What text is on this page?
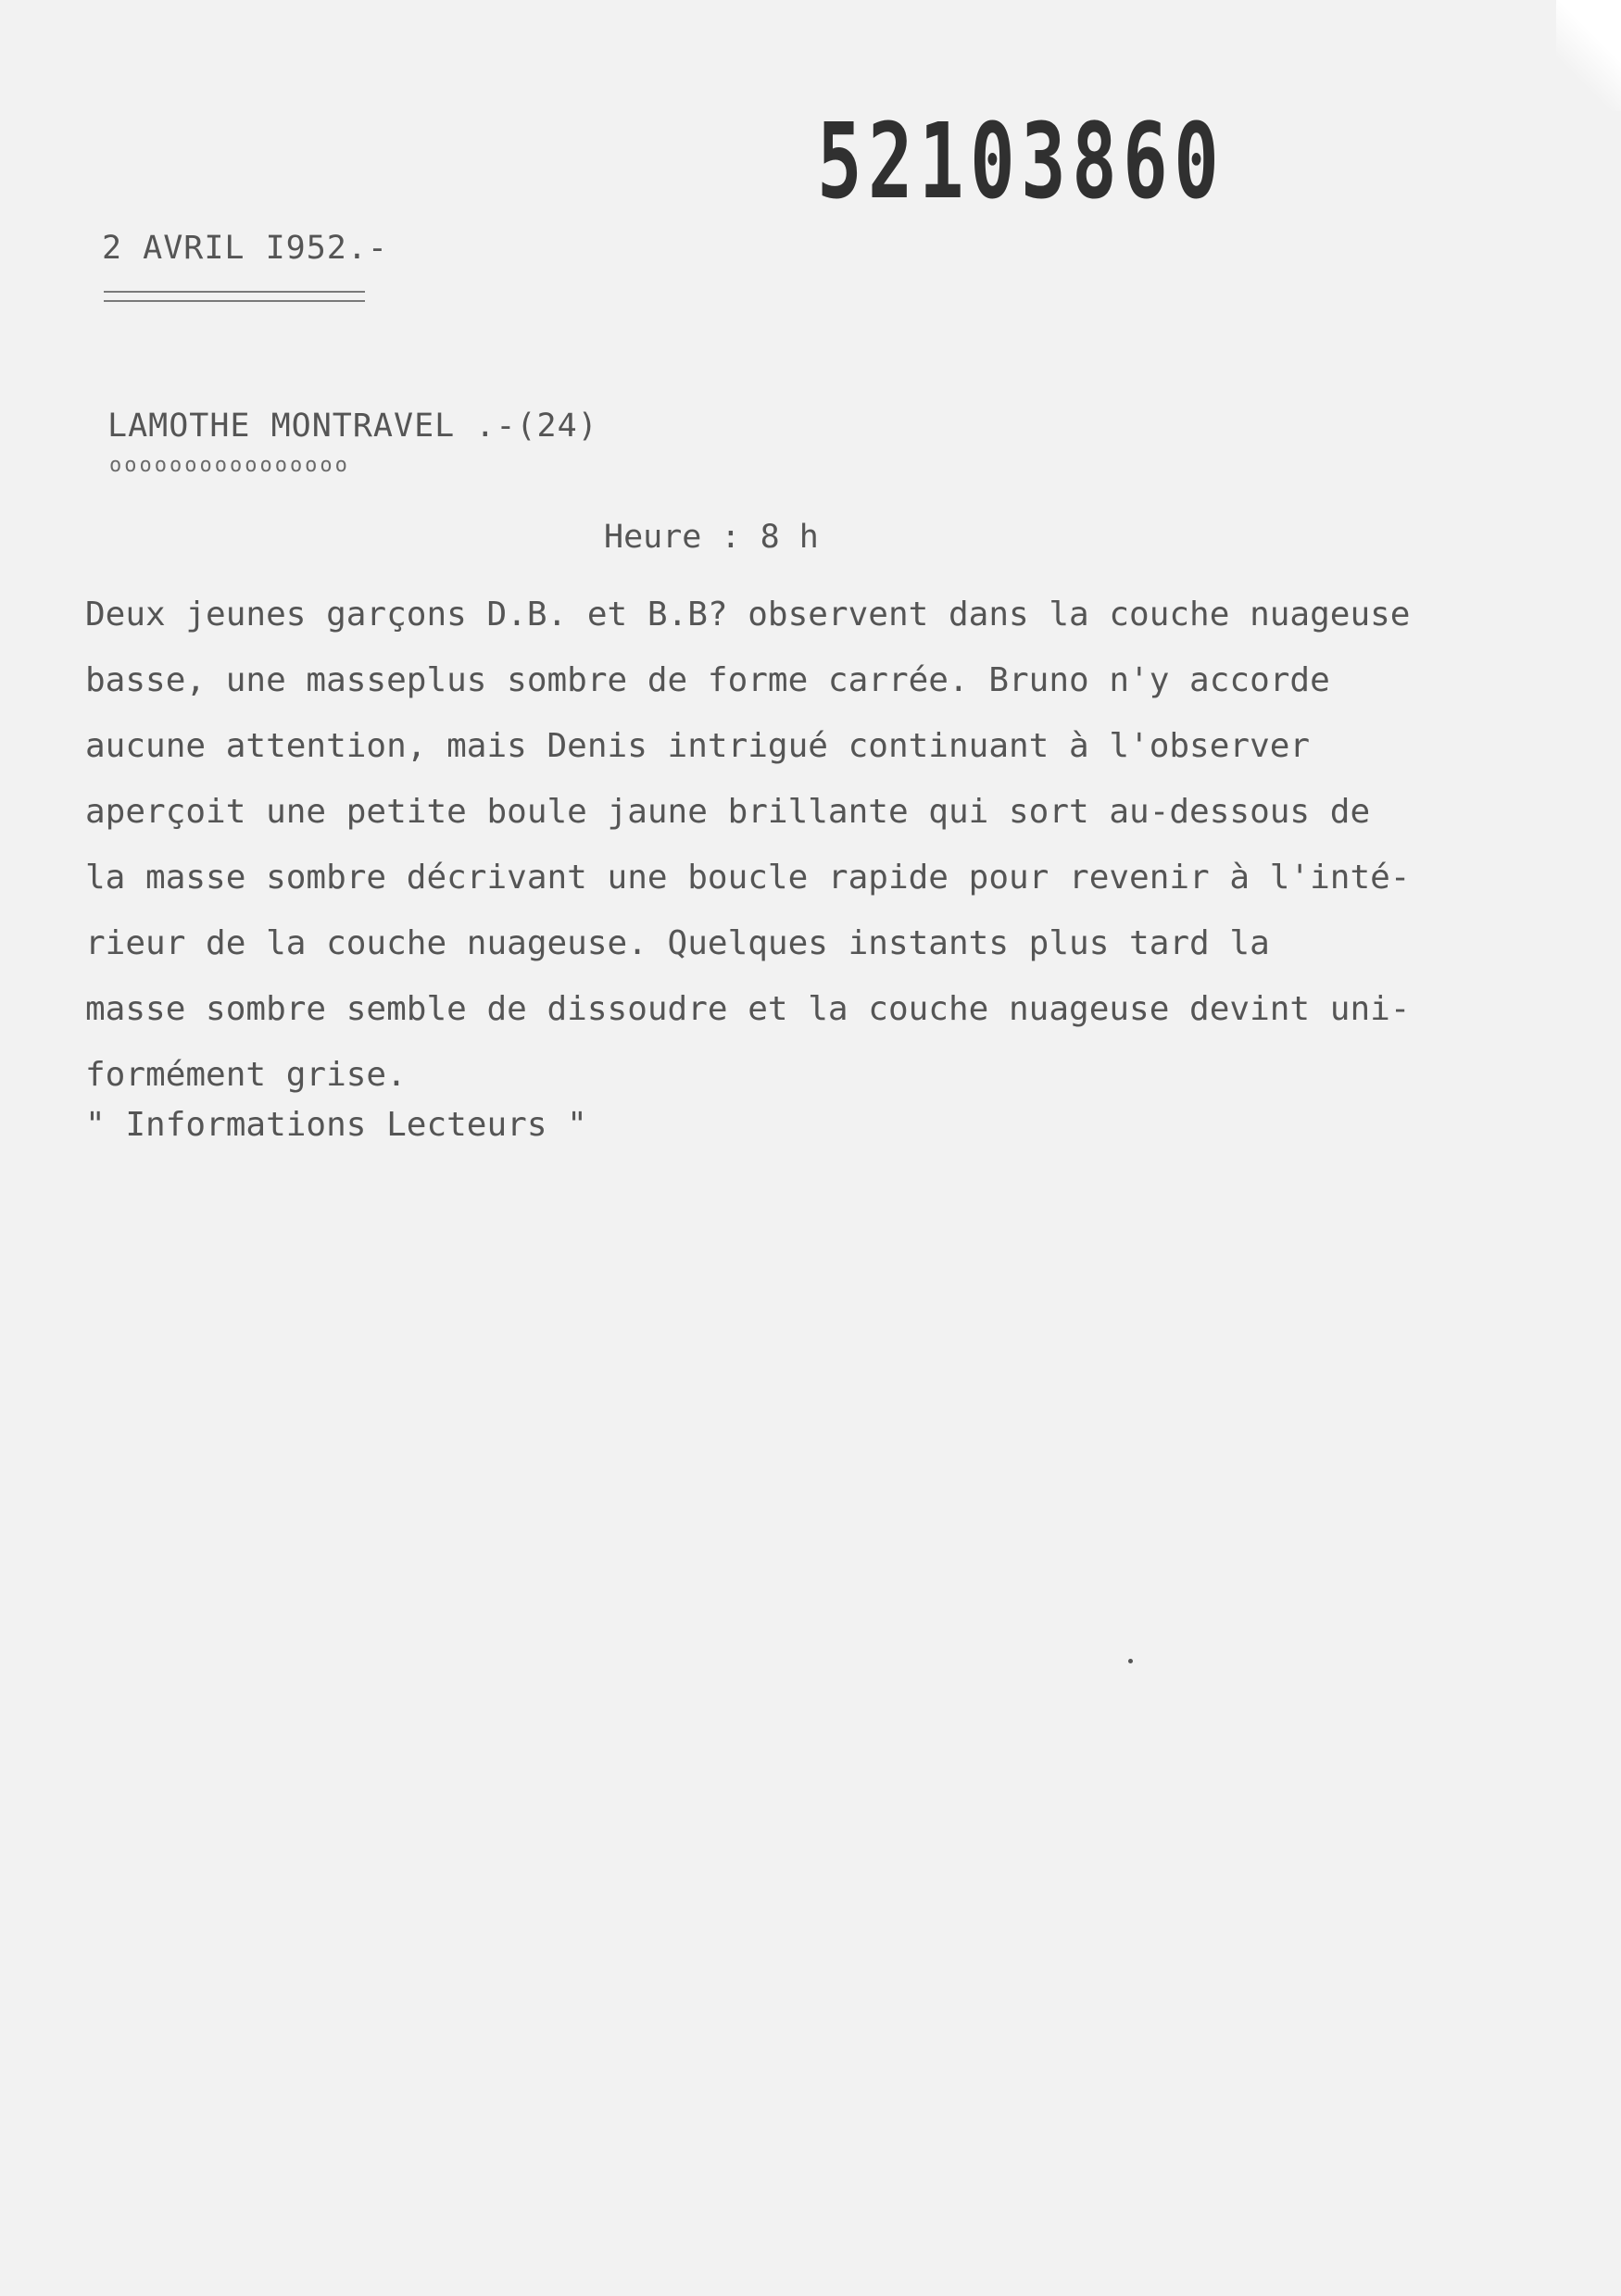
52103860
2 AVRIL I952.-
LAMOTHE MONTRAVEL .-(24)
oooooooooooooooo
Heure : 8 h
Deux jeunes garçons D.B. et B.B? observent dans la couche nuageuse
basse, une masseplus sombre de forme carrée. Bruno n'y accorde
aucune attention, mais Denis intrigué continuant à l'observer
aperçoit une petite boule jaune brillante qui sort au-dessous de
la masse sombre décrivant une boucle rapide pour revenir à l'inté-
rieur de la couche nuageuse. Quelques instants plus tard la
masse sombre semble de dissoudre et la couche nuageuse devint uni-
formément grise.
" Informations Lecteurs "
